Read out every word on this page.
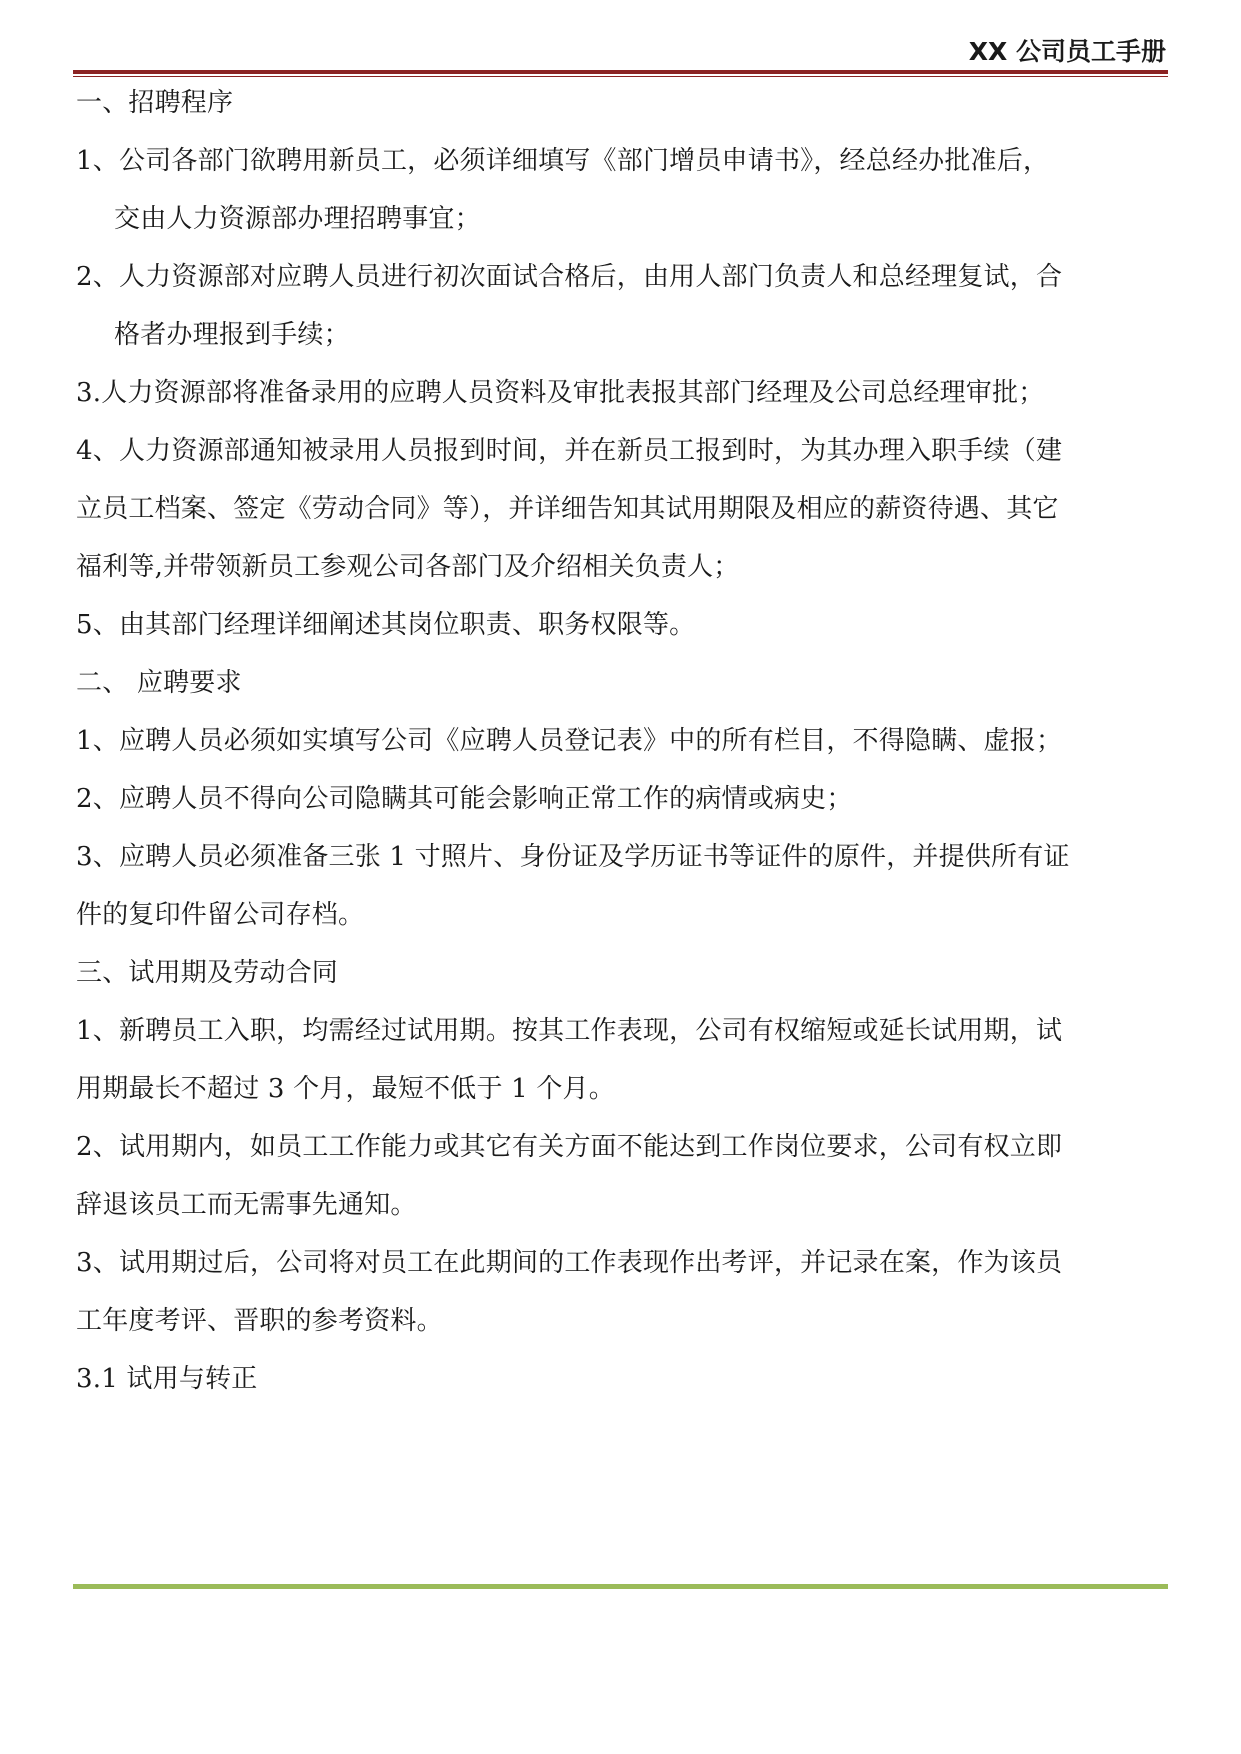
XX 公司员工手册
一、招聘程序
1、公司各部门欲聘用新员工，必须详细填写《部门增员申请书》，经总经办批准后，
交由人力资源部办理招聘事宜；
2、人力资源部对应聘人员进行初次面试合格后，由用人部门负责人和总经理复试，合
格者办理报到手续；
3.人力资源部将准备录用的应聘人员资料及审批表报其部门经理及公司总经理审批；
4、人力资源部通知被录用人员报到时间，并在新员工报到时，为其办理入职手续（建
立员工档案、签定《劳动合同》等），并详细告知其试用期限及相应的薪资待遇、其它
福利等,并带领新员工参观公司各部门及介绍相关负责人；
5、由其部门经理详细阐述其岗位职责、职务权限等。
二、 应聘要求
1、应聘人员必须如实填写公司《应聘人员登记表》中的所有栏目，不得隐瞒、虚报；
2、应聘人员不得向公司隐瞒其可能会影响正常工作的病情或病史；
3、应聘人员必须准备三张 1 寸照片、身份证及学历证书等证件的原件，并提供所有证
件的复印件留公司存档。
三、试用期及劳动合同
1、新聘员工入职，均需经过试用期。按其工作表现，公司有权缩短或延长试用期，试
用期最长不超过 3 个月，最短不低于 1 个月。
2、试用期内，如员工工作能力或其它有关方面不能达到工作岗位要求，公司有权立即
辞退该员工而无需事先通知。
3、试用期过后，公司将对员工在此期间的工作表现作出考评，并记录在案，作为该员
工年度考评、晋职的参考资料。
3.1 试用与转正
